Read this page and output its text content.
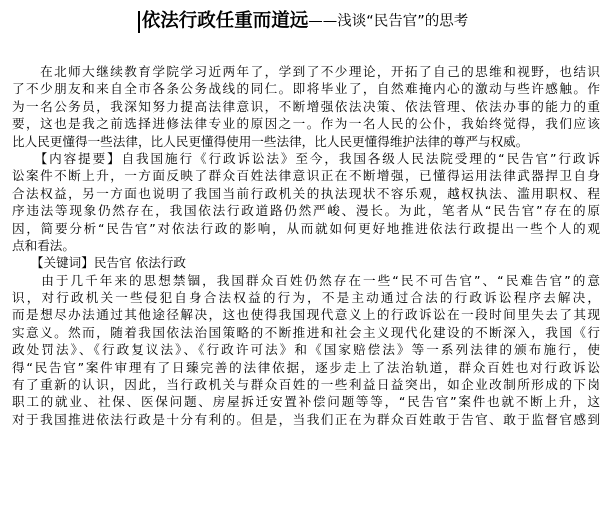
依法行政任重而道远——浅谈“民告官”的思考
　　在北师大继续教育学院学习近两年了，学到了不少理论，开拓了自己的思维和视野，也结识
了不少朋友和来自全市各条公务战线的同仁。即将毕业了，自然难掩内心的激动与些许感触。作
为一名公务员，我深知努力提高法律意识，不断增强依法决策、依法管理、依法办事的能力的重
要，这也是我之前选择进修法律专业的原因之一。作为一名人民的公仆，我始终觉得，我们应该
比人民更懂得一些法律，比人民更懂得使用一些法律，比人民更懂得维护法律的尊严与权威。
　　【内容提要】自我国施行《行政诉讼法》至今，我国各级人民法院受理的“民告官”行政诉
讼案件不断上升，一方面反映了群众百姓法律意识正在不断增强，已懂得运用法律武器捍卫自身
合法权益，另一方面也说明了我国当前行政机关的执法现状不容乐观，越权执法、滥用职权、程
序违法等现象仍然存在，我国依法行政道路仍然严峻、漫长。为此，笔者从“民告官”存在的原
因，简要分析“民告官”对依法行政的影响，从而就如何更好地推进依法行政提出一些个人的观
点和看法。
　　【关键词】民告官 依法行政
　　由于几千年来的思想禁锢，我国群众百姓仍然存在一些“民不可告官”、“民难告官”的意
识，对行政机关一些侵犯自身合法权益的行为，不是主动通过合法的行政诉讼程序去解决，
而是想尽办法通过其他途径解决，这也使得我国现代意义上的行政诉讼在一段时间里失去了其现
实意义。然而，随着我国依法治国策略的不断推进和社会主义现代化建设的不断深入，我国《行
政处罚法》、《行政复议法》、《行政许可法》和《国家赔偿法》等一系列法律的颁布施行，使
得“民告官”案件审理有了日臻完善的法律依据，逐步走上了法治轨道，群众百姓也对行政诉讼
有了重新的认识，因此，当行政机关与群众百姓的一些利益日益突出，如企业改制所形成的下岗
职工的就业、社保、医保问题、房屋拆迁安置补偿问题等等，“民告官”案件也就不断上升，这
对于我国推进依法行政是十分有利的。但是，当我们正在为群众百姓敢于告官、敢于监督官感到
